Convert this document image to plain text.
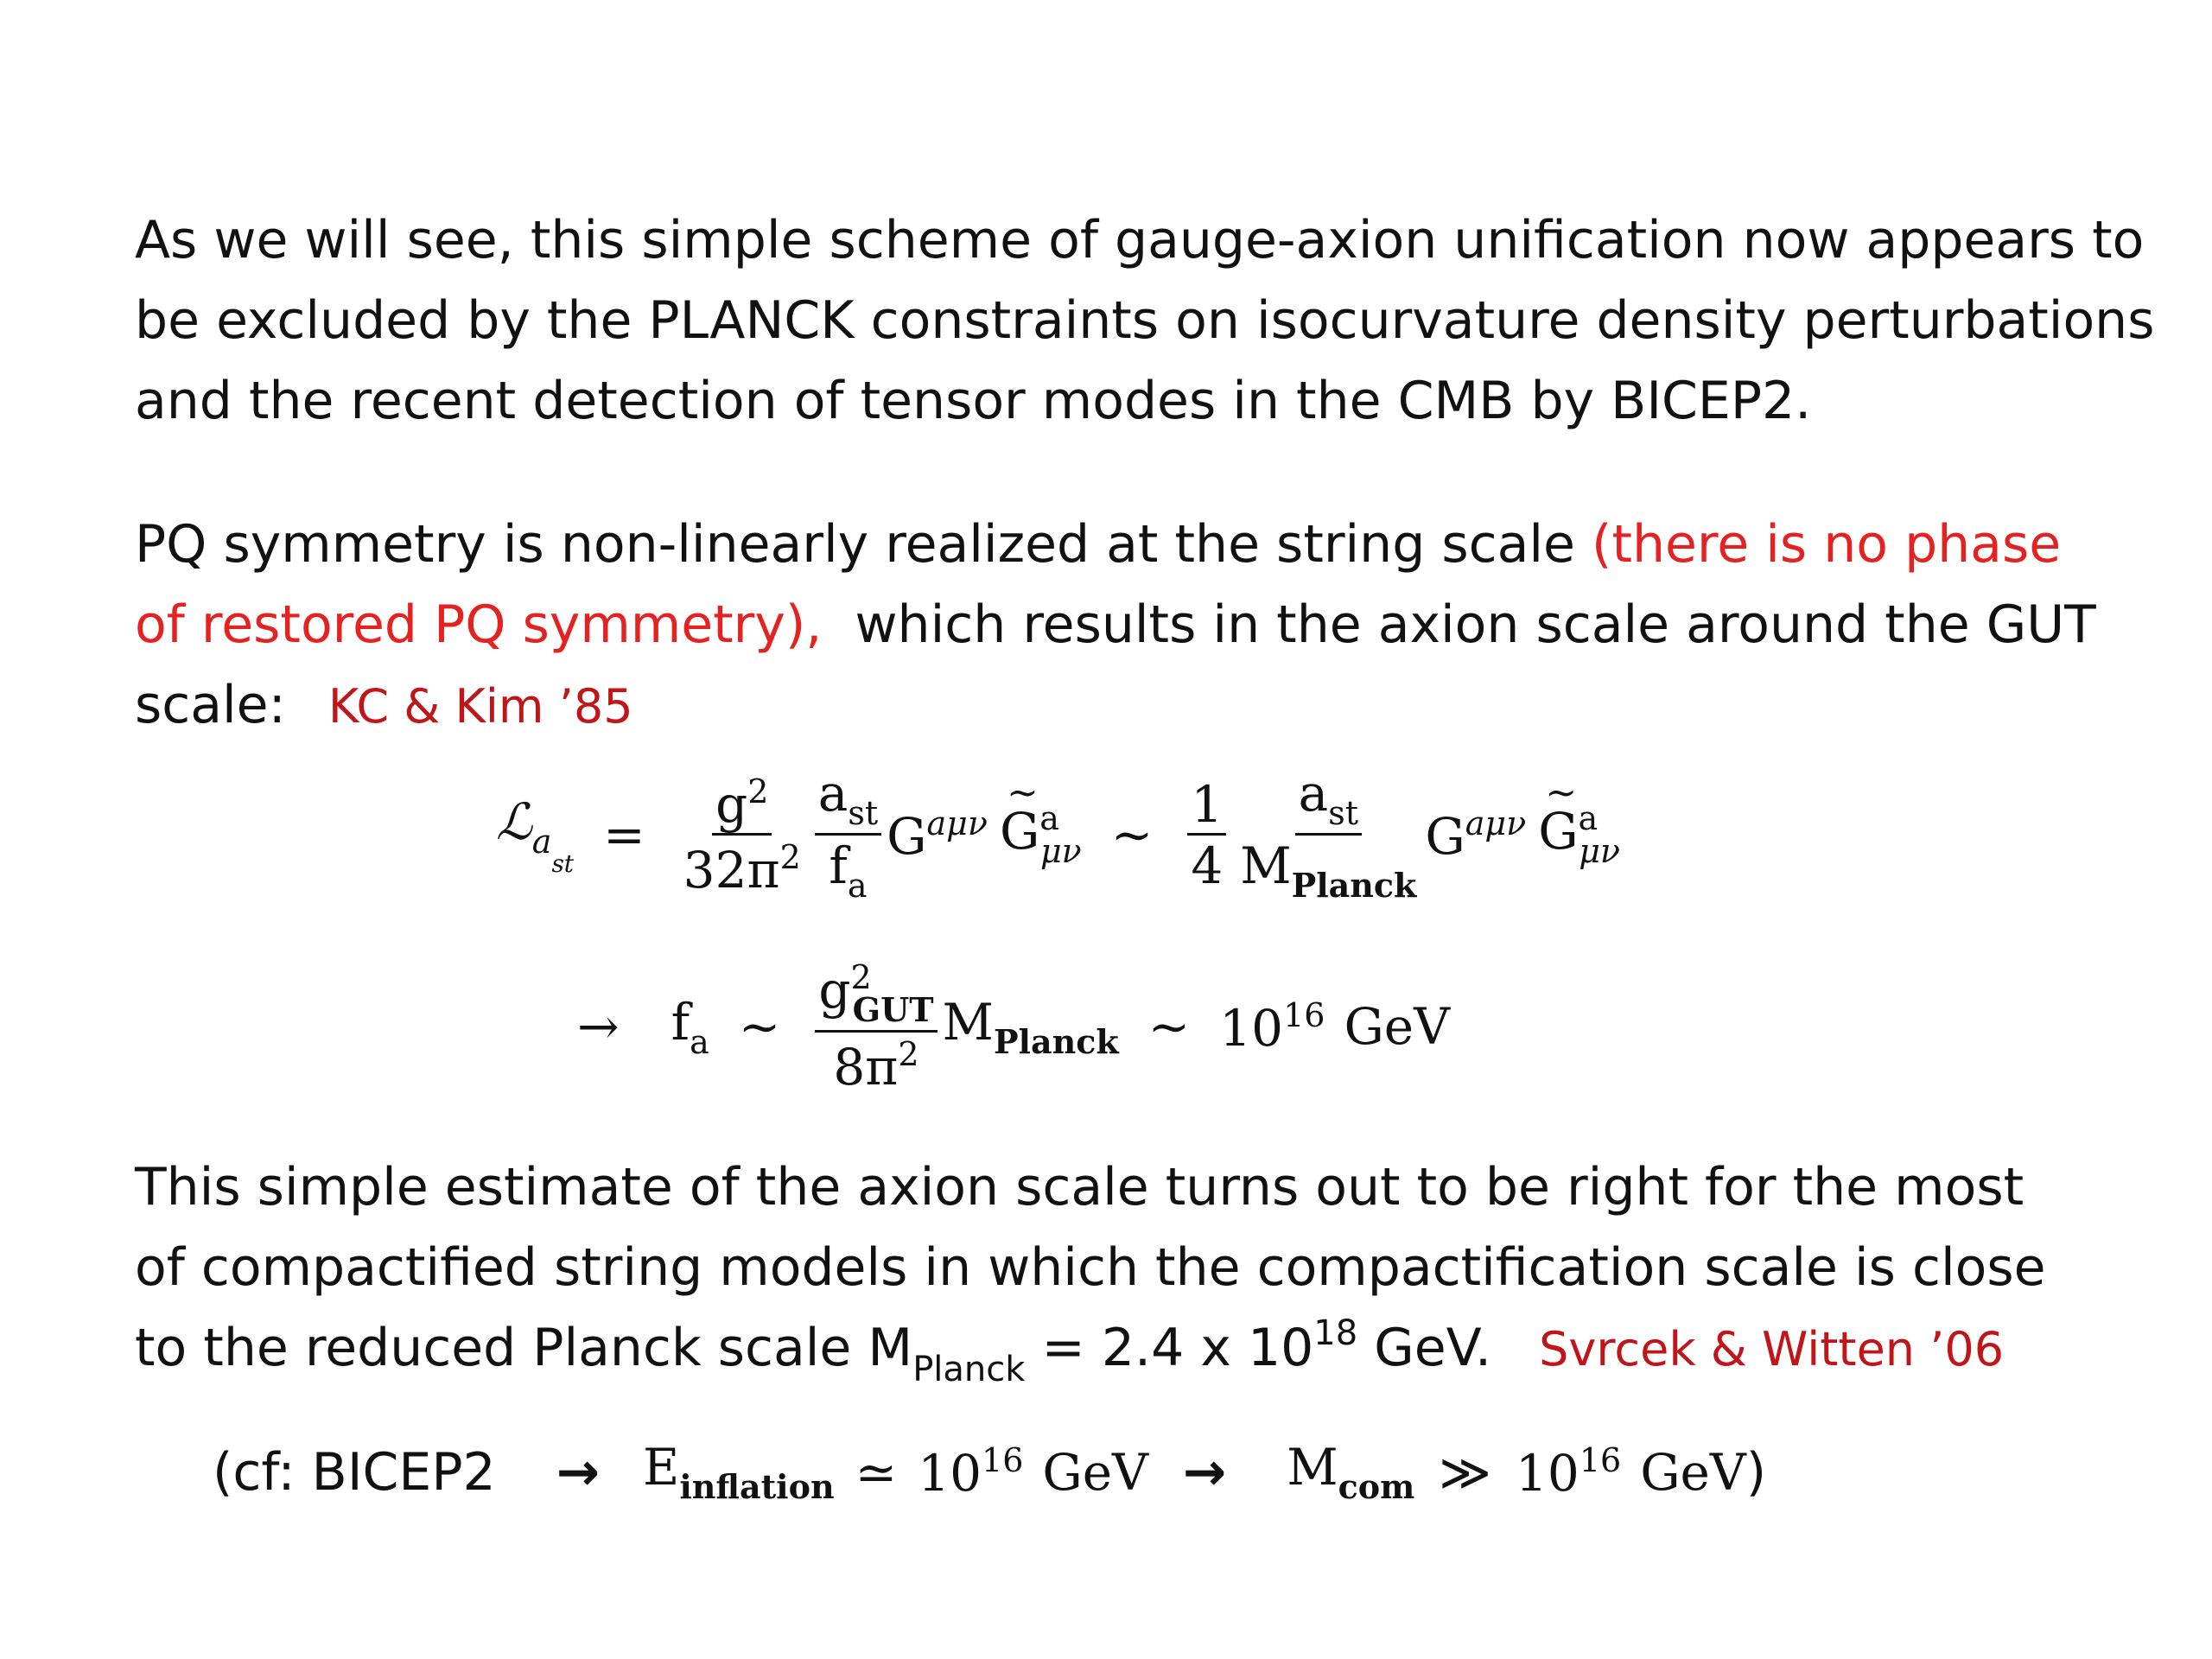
As we will see, this simple scheme of gauge-axion unification now appears to
be excluded by the PLANCK constraints on isocurvature density perturbations
and the recent detection of tensor modes in the CMB by BICEP2.
PQ symmetry is non-linearly realized at the string scale (there is no phase
of restored PQ symmetry),  which results in the axion scale around the GUT
scale: KC & Kim ’85
ℒ$_{a_{st}}$ = $\frac{g^2}{32\pi^2} \frac{a_{st}}{f_a} G^{a\mu\nu}$ ~ $G^a_{\mu\nu}$ ∼ $\frac{1}{4} \frac{a_{st}}{M_{Planck}} G^{a\mu\nu}$ ~ $G^a_{\mu\nu}$
→ $f_a$ ∼ $\frac{g^2_{GUT}}{8\pi^2} M_{Planck}$ ∼ $10^{16}$ GeV
This simple estimate of the axion scale turns out to be right for the most
of compactified string models in which the compactification scale is close
to the reduced Planck scale $M_{Planck} = 2.4$ x $10^{18}$ GeV. Svrcek & Witten ’06
(cf: BICEP2 → $E_{inflation}$ ≃ $10^{16}$ GeV → $M_{com}$ ≫ $10^{16}$ GeV )
